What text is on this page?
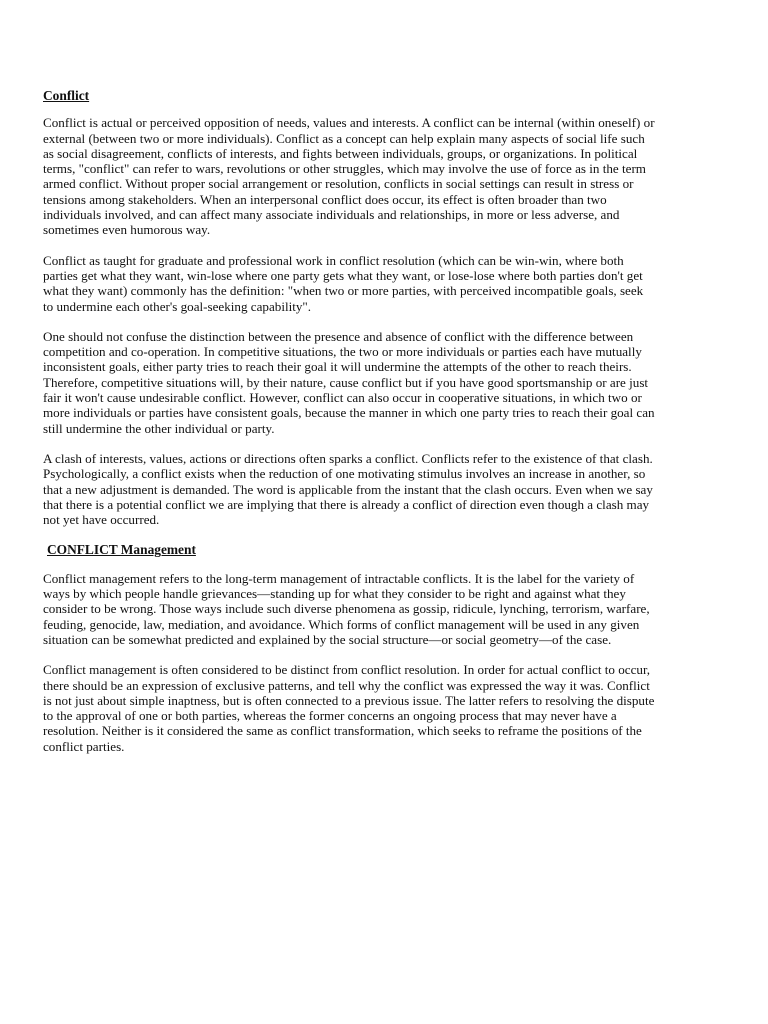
Conflict

Conflict is actual or perceived opposition of needs, values and interests. A conflict can be internal (within oneself) or external (between two or more individuals). Conflict as a concept can help explain many aspects of social life such as social disagreement, conflicts of interests, and fights between individuals, groups, or organizations. In political terms, "conflict" can refer to wars, revolutions or other struggles, which may involve the use of force as in the term armed conflict. Without proper social arrangement or resolution, conflicts in social settings can result in stress or tensions among stakeholders. When an interpersonal conflict does occur, its effect is often broader than two individuals involved, and can affect many associate individuals and relationships, in more or less adverse, and sometimes even humorous way.

Conflict as taught for graduate and professional work in conflict resolution (which can be win-win, where both parties get what they want, win-lose where one party gets what they want, or lose-lose where both parties don't get what they want) commonly has the definition: "when two or more parties, with perceived incompatible goals, seek to undermine each other's goal-seeking capability".

One should not confuse the distinction between the presence and absence of conflict with the difference between competition and co-operation. In competitive situations, the two or more individuals or parties each have mutually inconsistent goals, either party tries to reach their goal it will undermine the attempts of the other to reach theirs. Therefore, competitive situations will, by their nature, cause conflict but if you have good sportsmanship or are just fair it won't cause undesirable conflict. However, conflict can also occur in cooperative situations, in which two or more individuals or parties have consistent goals, because the manner in which one party tries to reach their goal can still undermine the other individual or party.

A clash of interests, values, actions or directions often sparks a conflict. Conflicts refer to the existence of that clash. Psychologically, a conflict exists when the reduction of one motivating stimulus involves an increase in another, so that a new adjustment is demanded. The word is applicable from the instant that the clash occurs. Even when we say that there is a potential conflict we are implying that there is already a conflict of direction even though a clash may not yet have occurred.

CONFLICT Management

Conflict management refers to the long-term management of intractable conflicts. It is the label for the variety of ways by which people handle grievances—standing up for what they consider to be right and against what they consider to be wrong. Those ways include such diverse phenomena as gossip, ridicule, lynching, terrorism, warfare, feuding, genocide, law, mediation, and avoidance. Which forms of conflict management will be used in any given situation can be somewhat predicted and explained by the social structure—or social geometry—of the case.

Conflict management is often considered to be distinct from conflict resolution. In order for actual conflict to occur, there should be an expression of exclusive patterns, and tell why the conflict was expressed the way it was. Conflict is not just about simple inaptness, but is often connected to a previous issue. The latter refers to resolving the dispute to the approval of one or both parties, whereas the former concerns an ongoing process that may never have a resolution. Neither is it considered the same as conflict transformation, which seeks to reframe the positions of the conflict parties.
